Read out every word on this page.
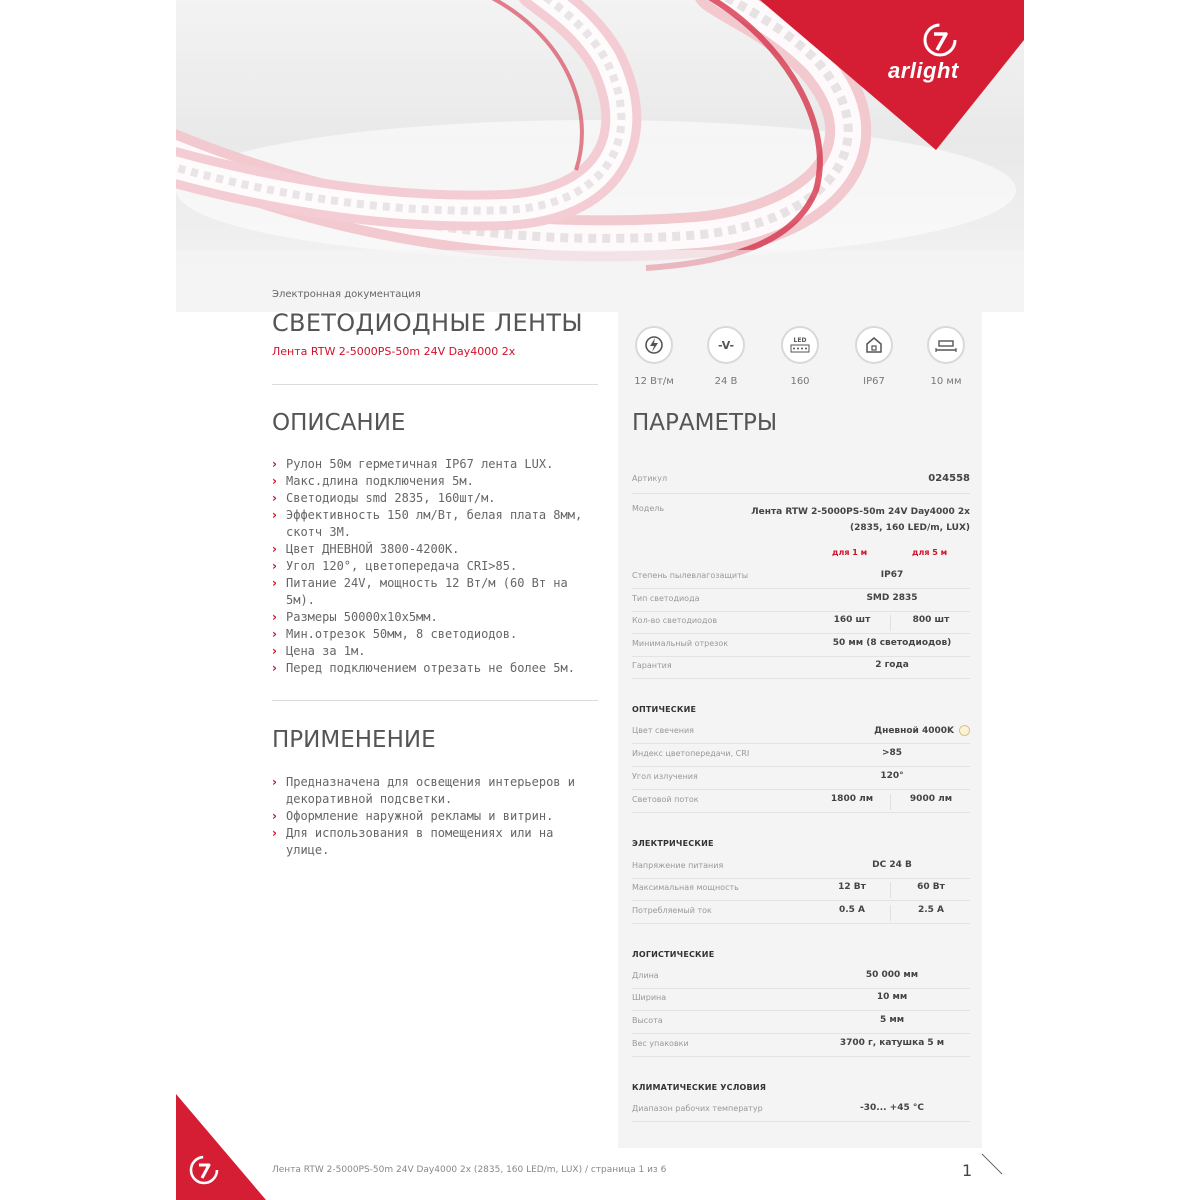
arlight
Электронная документация
СВЕТОДИОДНЫЕ ЛЕНТЫ
Лента RTW 2-5000PS-50m 24V Day4000 2x
ОПИСАНИЕ
› Рулон 50м герметичная IP67 лента LUX.
› Макс.длина подключения 5м.
› Светодиоды smd 2835, 160шт/м.
› Эффективность 150 лм/Вт, белая плата 8мм, скотч 3М.
› Цвет ДНЕВНОЙ 3800-4200K.
› Угол 120°, цветопередача CRI>85.
› Питание 24V, мощность 12 Вт/м (60 Вт на 5м).
› Размеры 50000x10x5мм.
› Мин.отрезок 50мм, 8 светодиодов.
› Цена за 1м.
› Перед подключением отрезать не более 5м.
ПРИМЕНЕНИЕ
› Предназначена для освещения интерьеров и декоративной подсветки.
› Оформление наружной рекламы и витрин.
› Для использования в помещениях или на улице.
12 Вт/м
-V-
24 В
LED
160	IP67	10 мм
ПАРАМЕТРЫ
Артикул	024558
Модель	Лента RTW 2-5000PS-50m 24V Day4000 2x
(2835, 160 LED/m, LUX)
для 1 м	для 5 м
Степень пылевлагозащиты	IP67
Тип светодиода	SMD 2835
Кол-во светодиодов	160 шт	800 шт
Минимальный отрезок	50 мм (8 светодиодов)
Гарантия	2 года
ОПТИЧЕСКИЕ
Цвет свечения	Дневной 4000K
Индекс цветопередачи, CRI	>85
Угол излучения	120°
Световой поток	1800 лм	9000 лм
ЭЛЕКТРИЧЕСКИЕ
Напряжение питания	DC 24 В
Максимальная мощность	12 Вт	60 Вт
Потребляемый ток	0.5 А	2.5 А
ЛОГИСТИЧЕСКИЕ
Длина	50 000 мм
Ширина	10 мм
Высота	5 мм
Вес упаковки	3700 г, катушка 5 м
КЛИМАТИЧЕСКИЕ УСЛОВИЯ
Диапазон рабочих температур	-30... +45 °C
Лента RTW 2-5000PS-50m 24V Day4000 2x (2835, 160 LED/m, LUX) / страница 1 из 6	1
